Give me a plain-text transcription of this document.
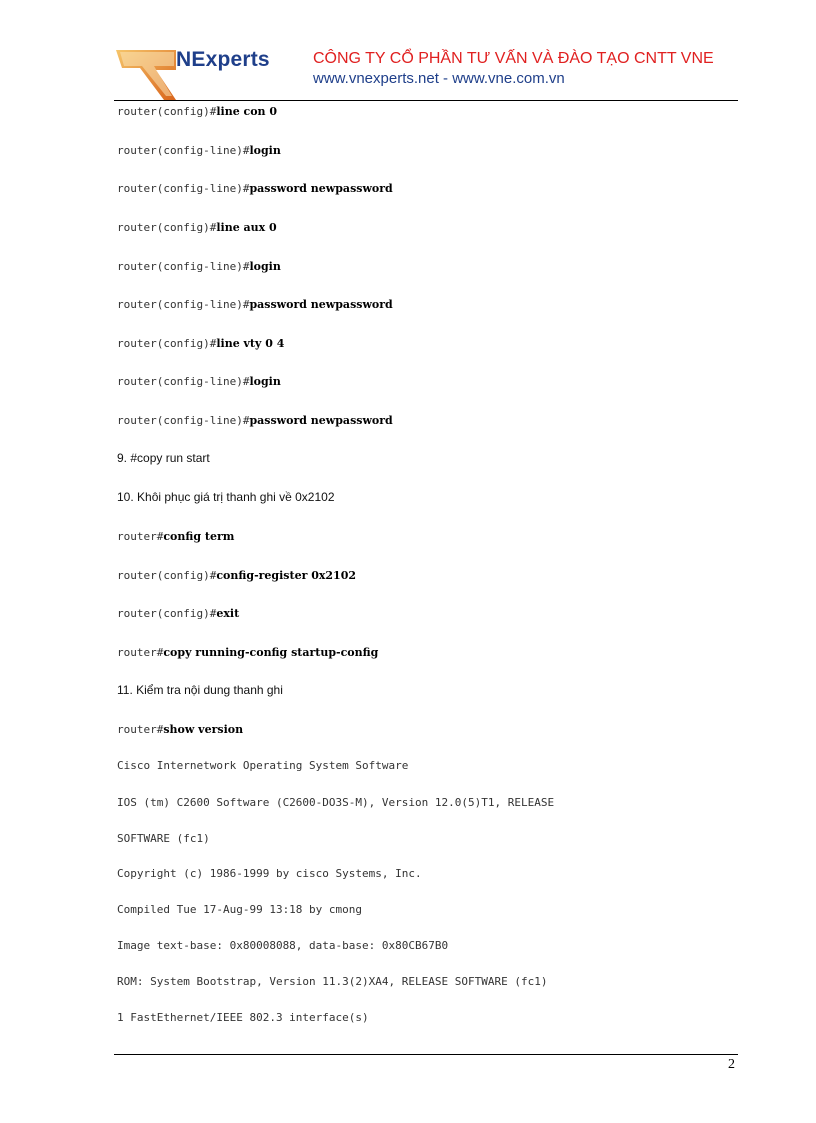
NExperts	CÔNG TY CỔ PHẦN TƯ VẤN VÀ ĐÀO TẠO CNTT VNE
www.vnexperts.net - www.vne.com.vn
router(config)#line con 0
router(config-line)#login
router(config-line)#password newpassword
router(config)#line aux 0
router(config-line)#login
router(config-line)#password newpassword
router(config)#line vty 0 4
router(config-line)#login
router(config-line)#password newpassword
9. #copy run start
10. Khôi phục giá trị thanh ghi về 0x2102
router#config term
router(config)#config-register 0x2102
router(config)#exit
router#copy running-config startup-config
11. Kiểm tra nội dung thanh ghi
router#show version
Cisco Internetwork Operating System Software
IOS (tm) C2600 Software (C2600-DO3S-M), Version 12.0(5)T1, RELEASE
SOFTWARE (fc1)
Copyright (c) 1986-1999 by cisco Systems, Inc.
Compiled Tue 17-Aug-99 13:18 by cmong
Image text-base: 0x80008088, data-base: 0x80CB67B0
ROM: System Bootstrap, Version 11.3(2)XA4, RELEASE SOFTWARE (fc1)
1 FastEthernet/IEEE 802.3 interface(s)
2
